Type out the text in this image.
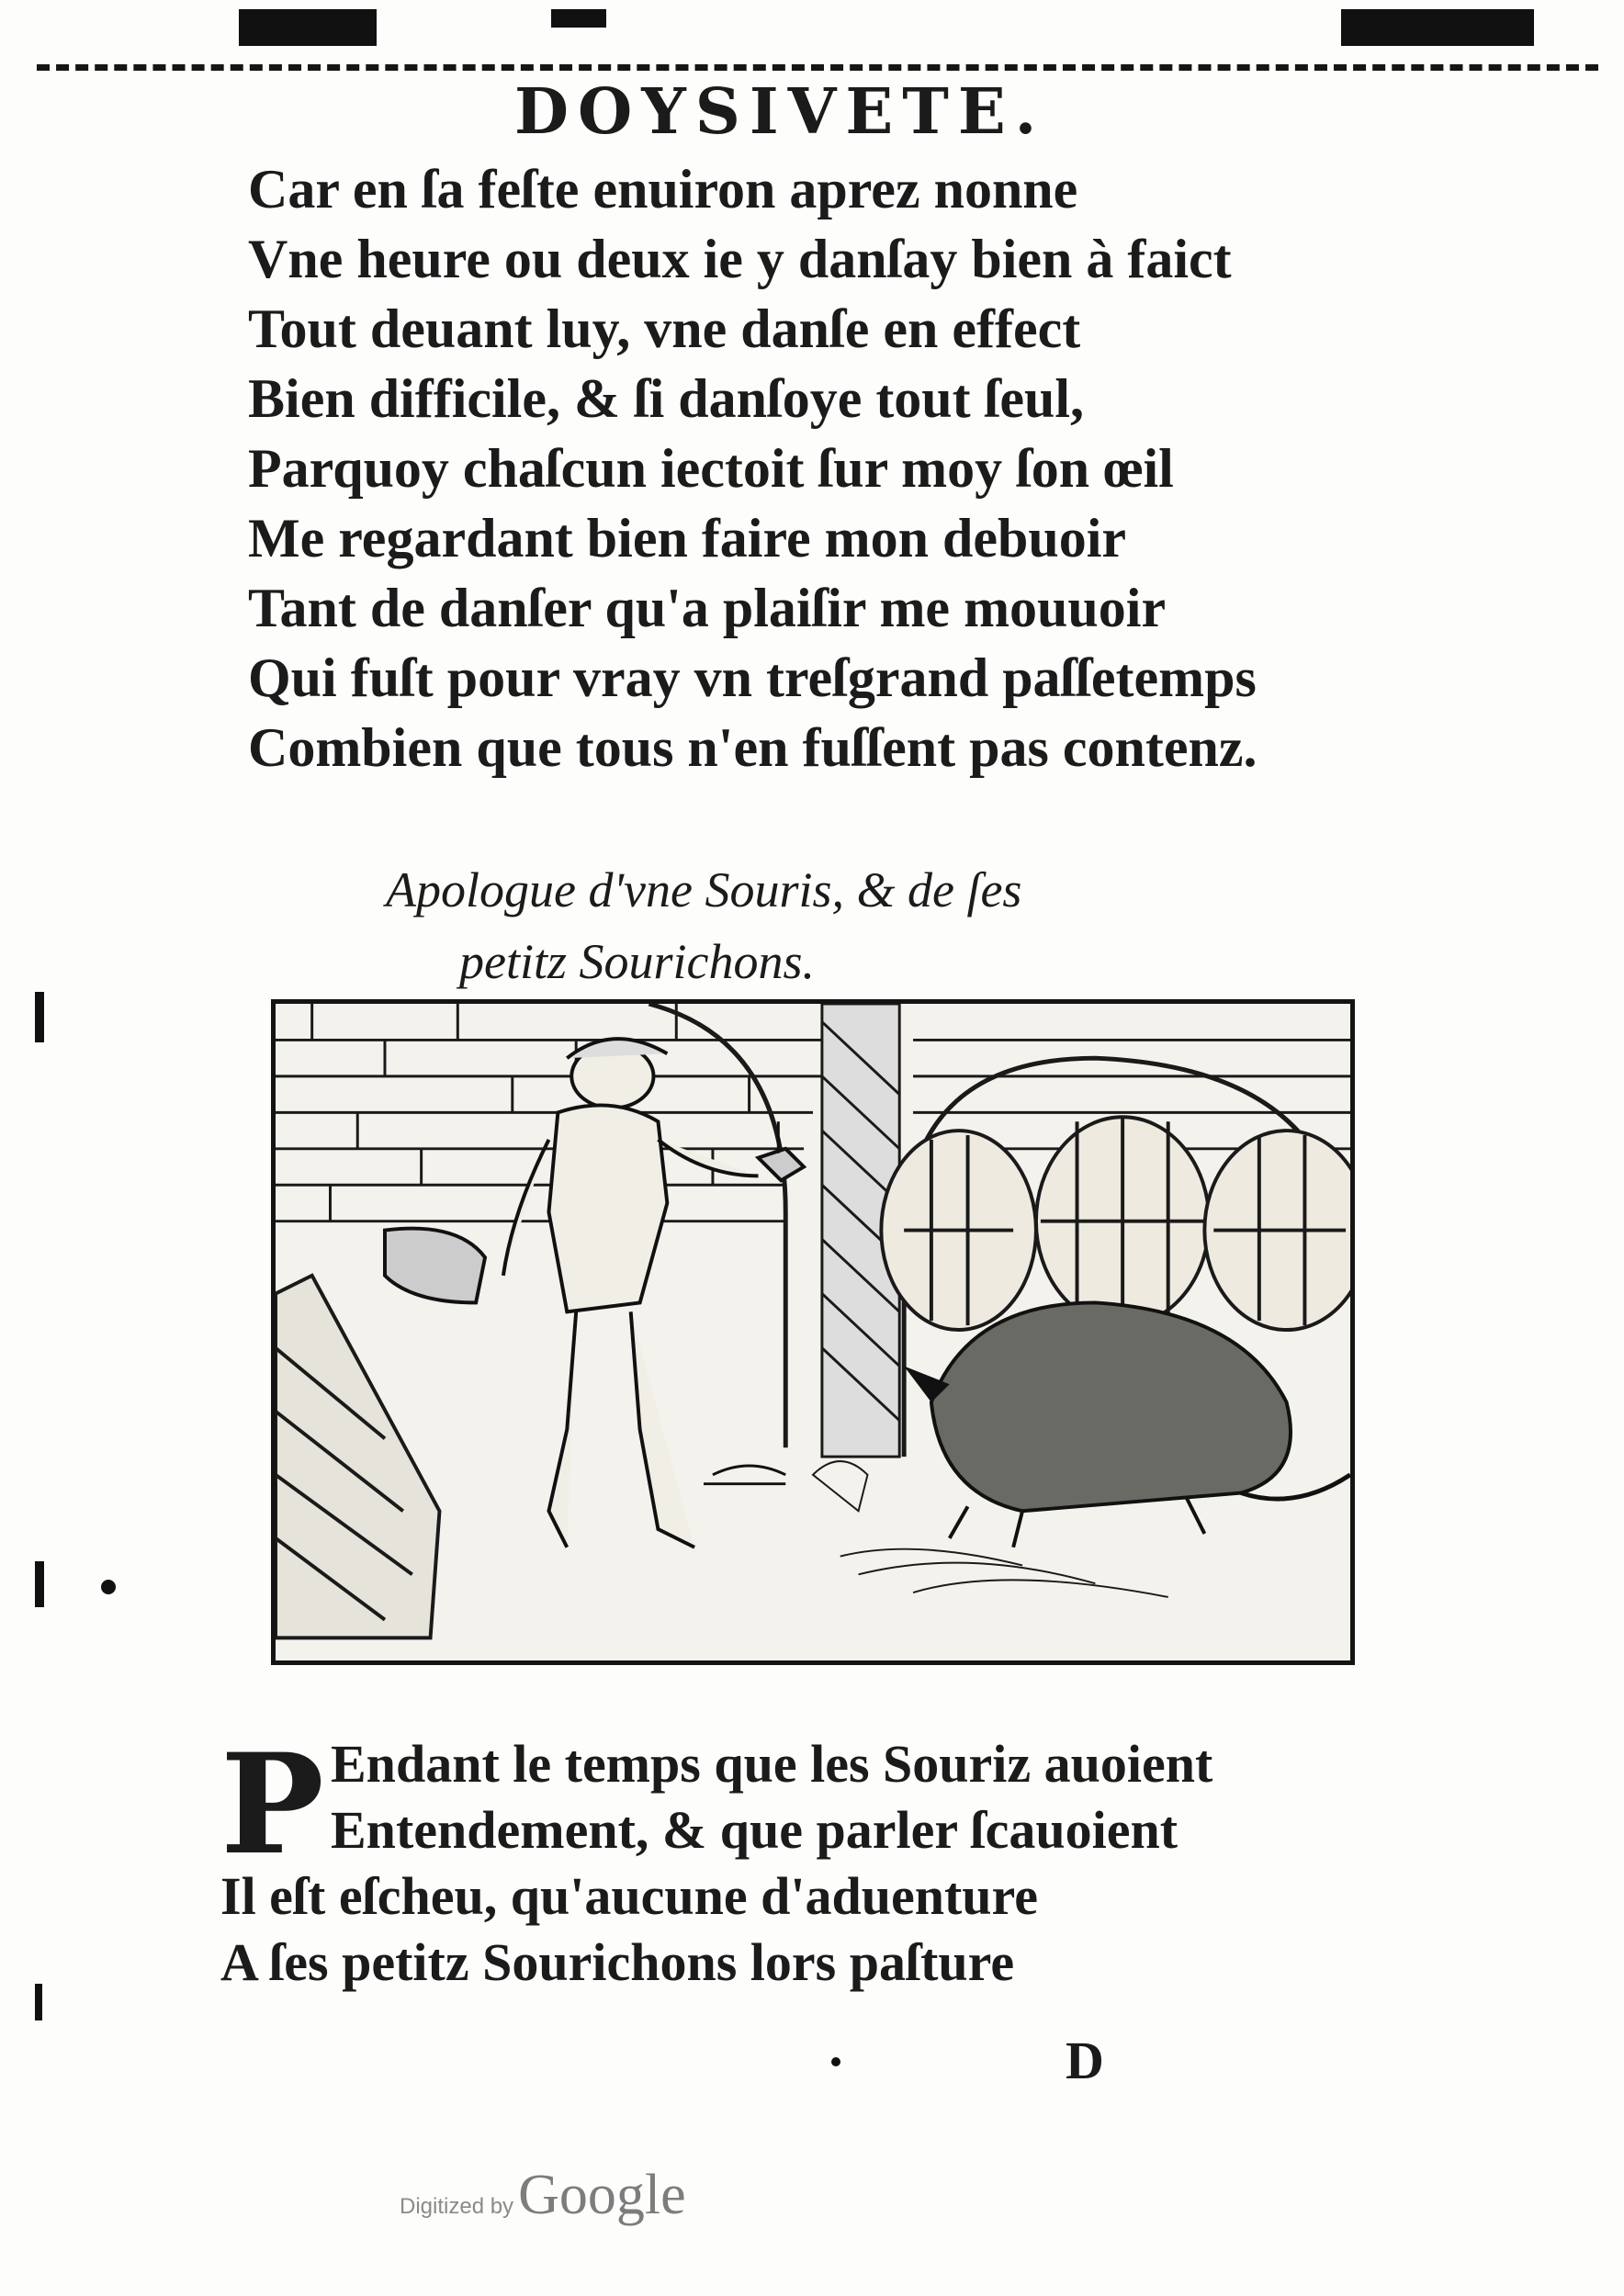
DOYSIVETE.
Car en ſa feſte enuiron aprez nonne
Vne heure ou deux ie y danſay bien à faict
Tout deuant luy, vne danſe en effect
Bien difficile, & ſi danſoye tout ſeul,
Parquoy chaſcun iectoit ſur moy ſon œil
Me regardant bien faire mon debuoir
Tant de danſer qu'a plaiſir me mouuoir
Qui fuſt pour vray vn treſgrand paſſetemps
Combien que tous n'en fuſſent pas contenz.
Apologue d'vne Souris, & de ſes
petitz Sourichons.
P Endant le temps que les Souriz auoient
Entendement, & que parler ſcauoient
Il eſt eſcheu, qu'aucune d'aduenture
A ſes petitz Sourichons lors paſture
D
Digitized by Google
